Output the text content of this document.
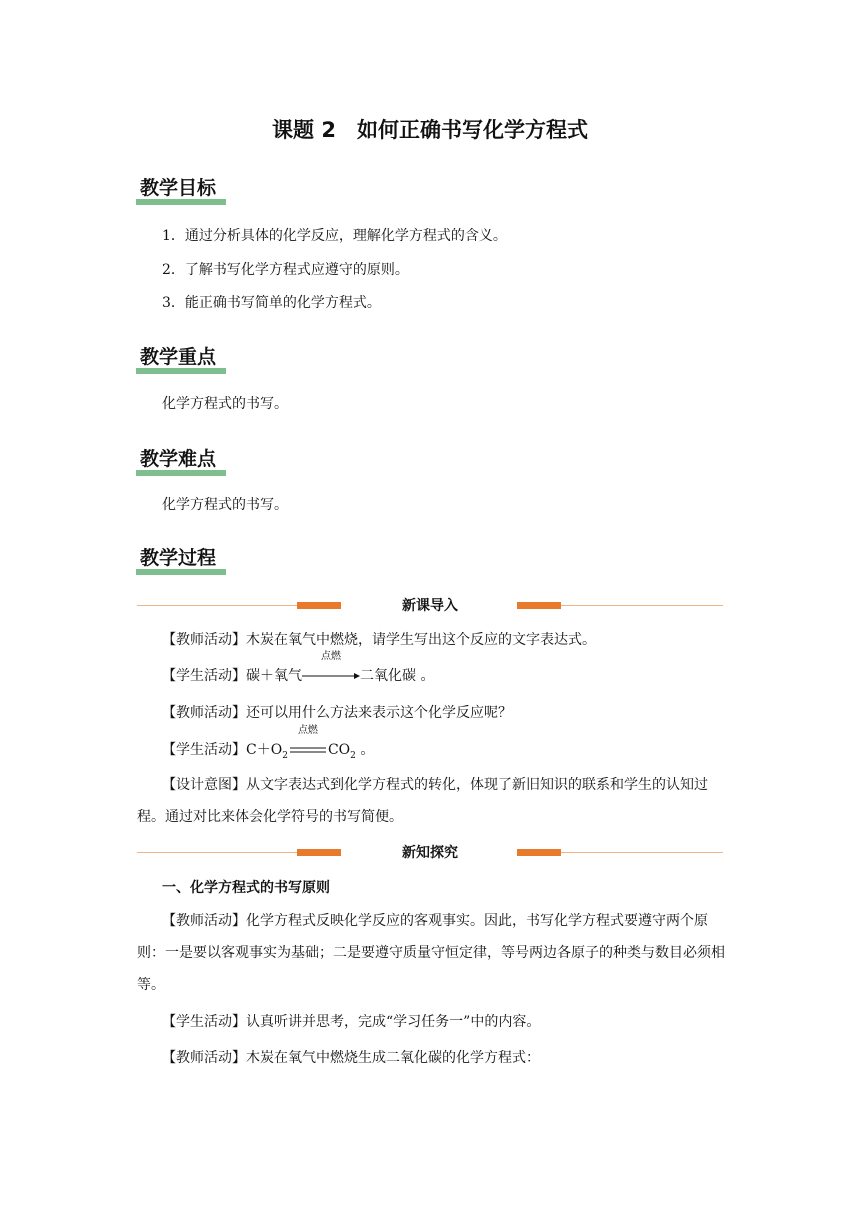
课题 2　如何正确书写化学方程式
教学目标
1．通过分析具体的化学反应，理解化学方程式的含义。
2．了解书写化学方程式应遵守的原则。
3．能正确书写简单的化学方程式。
教学重点
化学方程式的书写。
教学难点
化学方程式的书写。
教学过程
新课导入
【教师活动】木炭在氧气中燃烧，请学生写出这个反应的文字表达式。
【学生活动】碳＋氧气
点燃
二氧化碳 。
【教师活动】还可以用什么方法来表示这个化学反应呢？
【学生活动】$C+O_2$
点燃
$CO_2$ 。
【设计意图】从文字表达式到化学方程式的转化，体现了新旧知识的联系和学生的认知过程。通过对比来体会化学符号的书写简便。
新知探究
一、化学方程式的书写原则
【教师活动】化学方程式反映化学反应的客观事实。因此，书写化学方程式要遵守两个原则：一是要以客观事实为基础；二是要遵守质量守恒定律，等号两边各原子的种类与数目必须相等。
【学生活动】认真听讲并思考，完成“学习任务一”中的内容。
【教师活动】木炭在氧气中燃烧生成二氧化碳的化学方程式：
